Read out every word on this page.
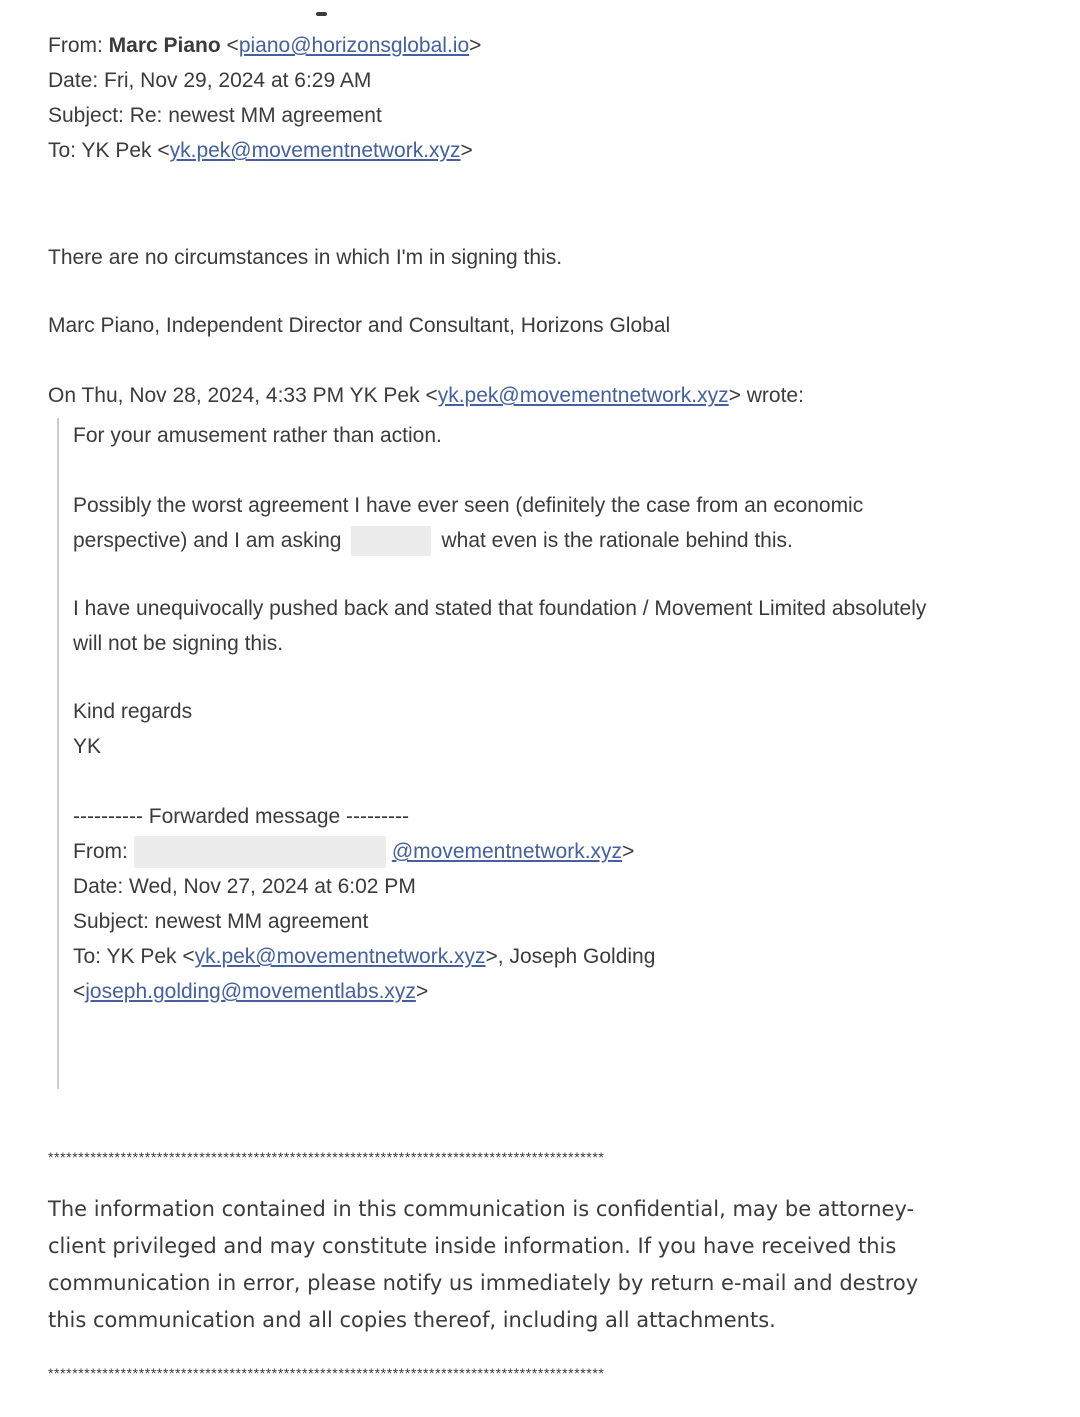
From: Marc Piano <piano@horizonsglobal.io>
Date: Fri, Nov 29, 2024 at 6:29 AM
Subject: Re: newest MM agreement
To: YK Pek <yk.pek@movementnetwork.xyz>
There are no circumstances in which I'm in signing this.
Marc Piano, Independent Director and Consultant, Horizons Global
On Thu, Nov 28, 2024, 4:33 PM YK Pek <yk.pek@movementnetwork.xyz> wrote:

For your amusement rather than action.

Possibly the worst agreement I have ever seen (definitely the case from an economic
perspective) and I am asking	what even is the rationale behind this.

I have unequivocally pushed back and stated that foundation / Movement Limited absolutely
will not be signing this.

Kind regards
YK
---------- Forwarded message ---------
From:	@movementnetwork.xyz>
Date: Wed, Nov 27, 2024 at 6:02 PM
Subject: newest MM agreement
To: YK Pek <yk.pek@movementnetwork.xyz>, Joseph Golding
<joseph.golding@movementlabs.xyz>
********************************************************************************************
The information contained in this communication is confidential, may be attorney-
client privileged and may constitute inside information. If you have received this
communication in error, please notify us immediately by return e-mail and destroy
this communication and all copies thereof, including all attachments.
********************************************************************************************
